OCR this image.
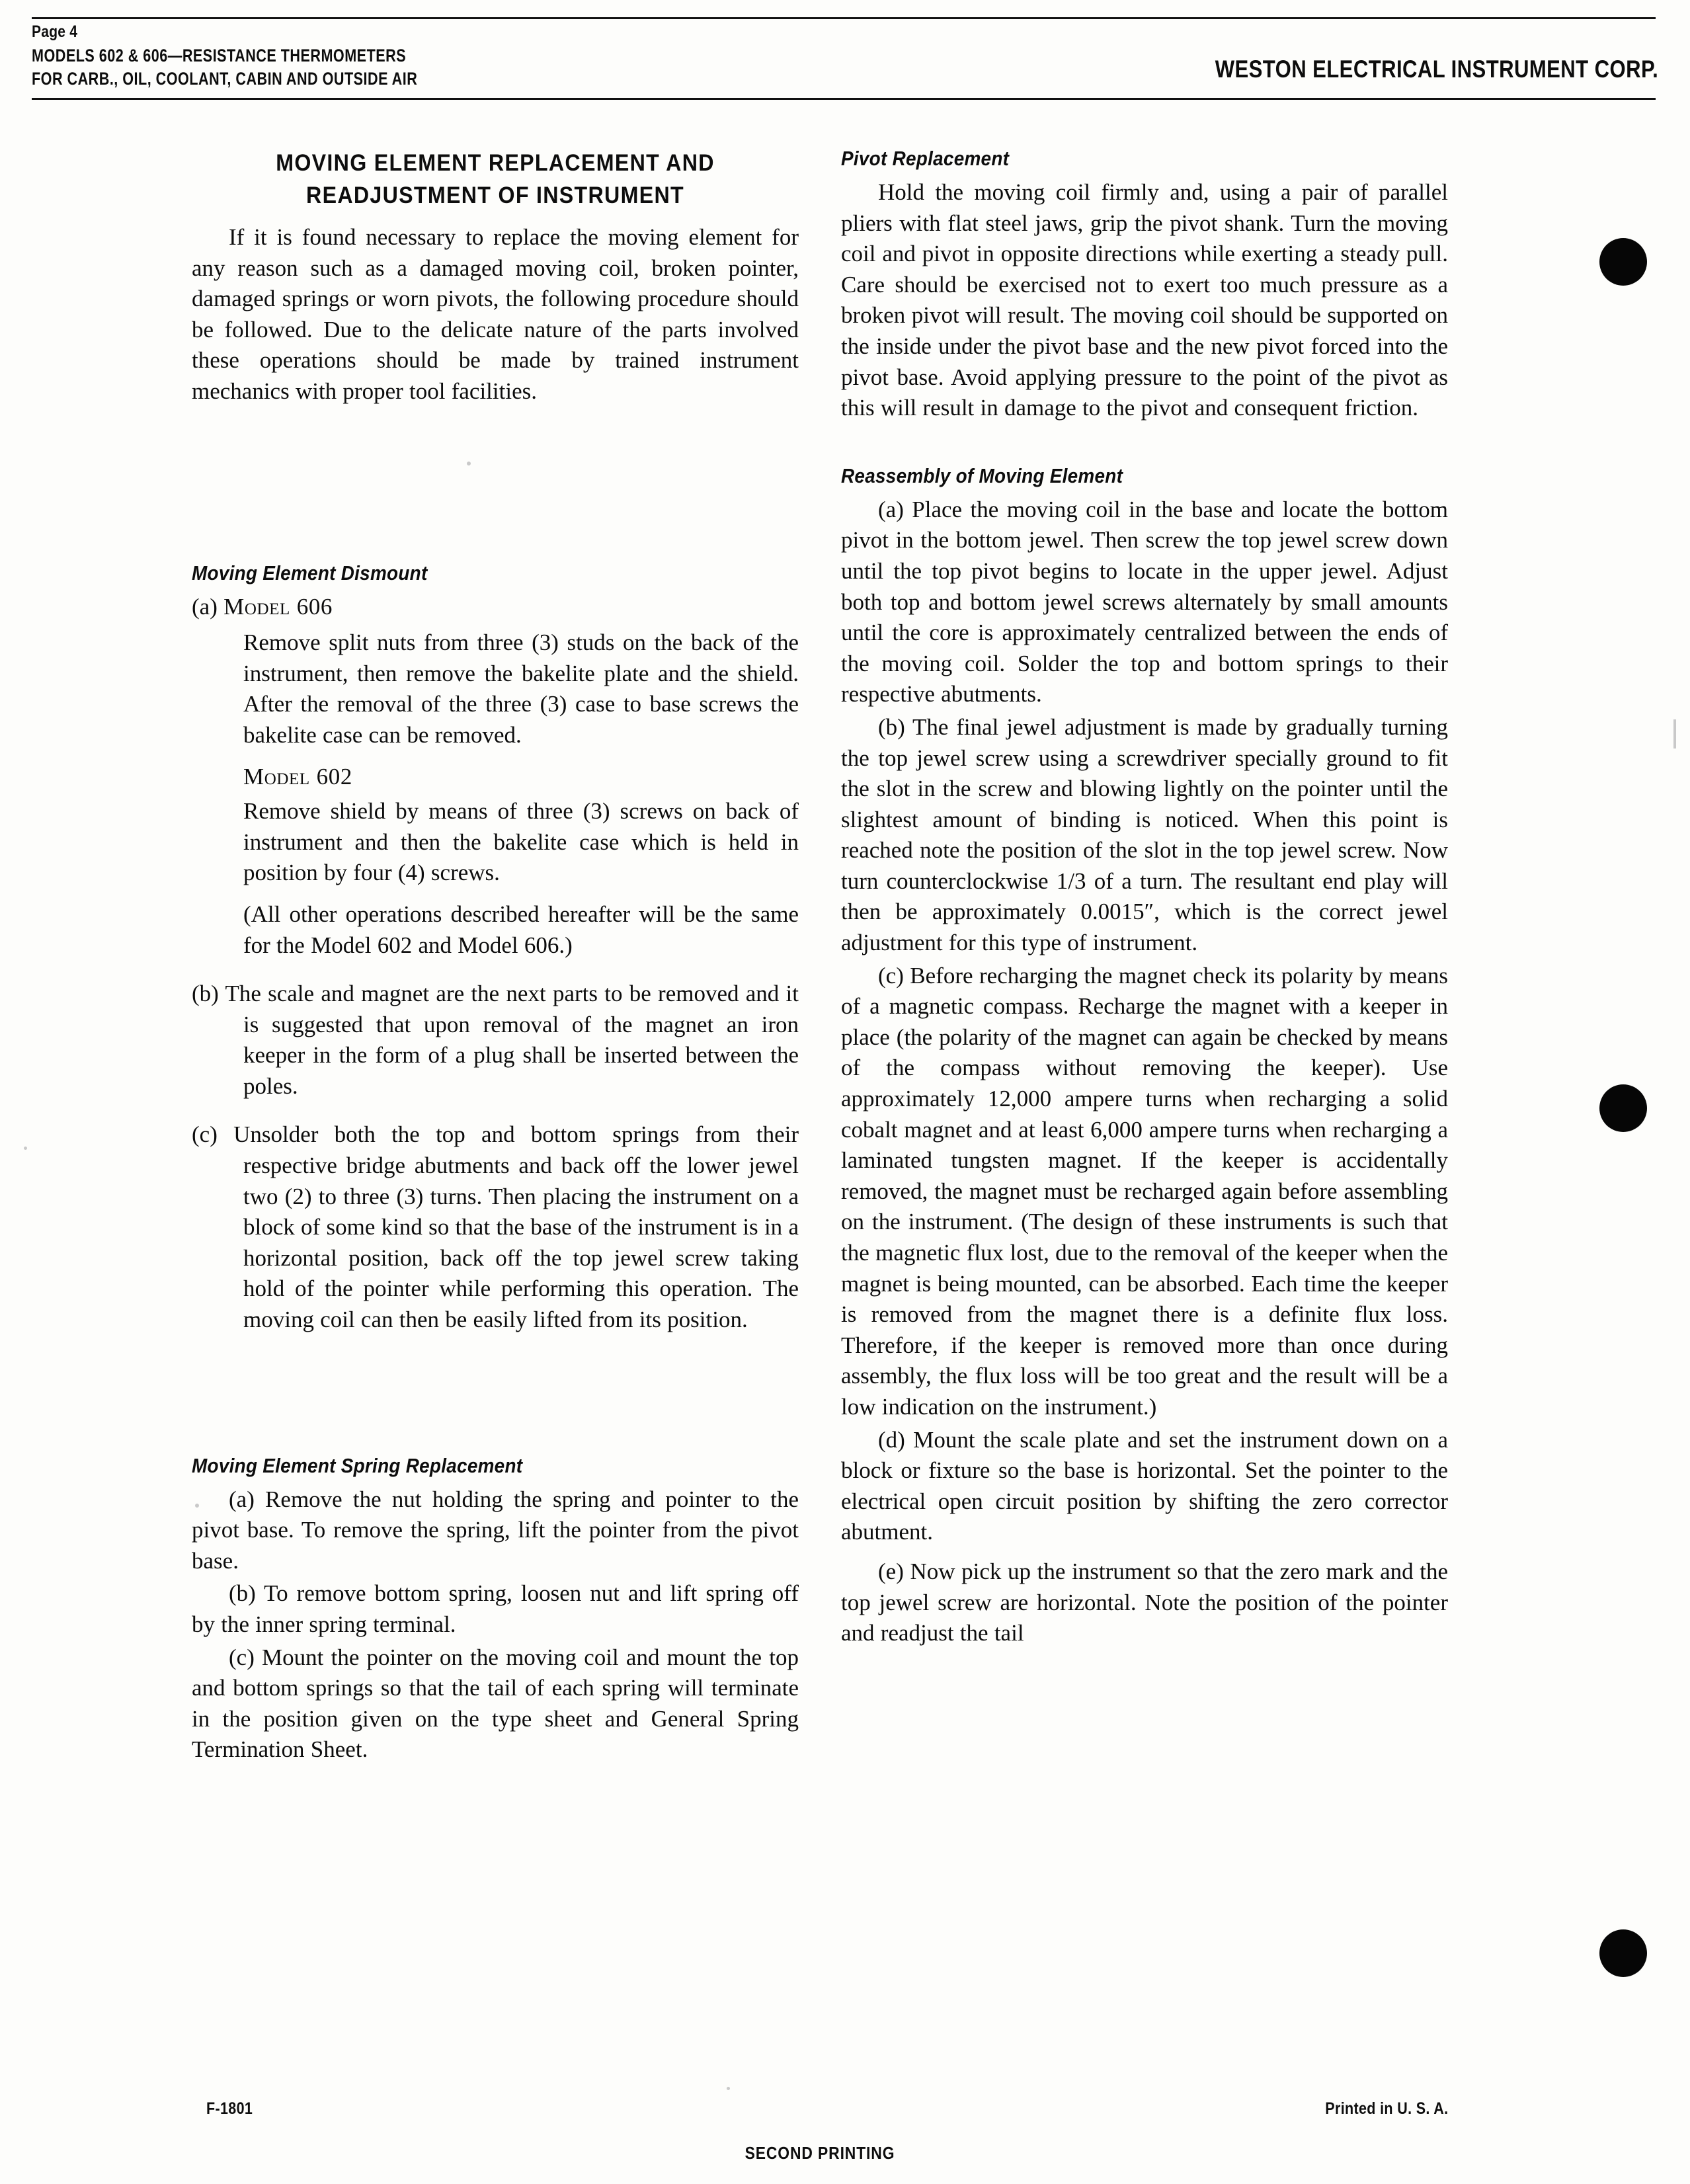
Page 4
MODELS 602 & 606—RESISTANCE THERMOMETERS
FOR CARB., OIL, COOLANT, CABIN AND OUTSIDE AIR	WESTON ELECTRICAL INSTRUMENT CORP.
MOVING ELEMENT REPLACEMENT AND READJUSTMENT OF INSTRUMENT

If it is found necessary to replace the moving element for any reason such as a damaged moving coil, broken pointer, damaged springs or worn pivots, the following procedure should be followed. Due to the delicate nature of the parts involved these operations should be made by trained instrument mechanics with proper tool facilities.

Moving Element Dismount

(a) Model 606

Remove split nuts from three (3) studs on the back of the instrument, then remove the bakelite plate and the shield. After the removal of the three (3) case to base screws the bakelite case can be removed.

Model 602

Remove shield by means of three (3) screws on back of instrument and then the bakelite case which is held in position by four (4) screws.

(All other operations described hereafter will be the same for the Model 602 and Model 606.)

(b) The scale and magnet are the next parts to be removed and it is suggested that upon removal of the magnet an iron keeper in the form of a plug shall be inserted between the poles.

(c) Unsolder both the top and bottom springs from their respective bridge abutments and back off the lower jewel two (2) to three (3) turns. Then placing the instrument on a block of some kind so that the base of the instrument is in a horizontal position, back off the top jewel screw taking hold of the pointer while performing this operation. The moving coil can then be easily lifted from its position.

Moving Element Spring Replacement

(a) Remove the nut holding the spring and pointer to the pivot base. To remove the spring, lift the pointer from the pivot base.

(b) To remove bottom spring, loosen nut and lift spring off by the inner spring terminal.

(c) Mount the pointer on the moving coil and mount the top and bottom springs so that the tail of each spring will terminate in the position given on the type sheet and General Spring Termination Sheet.

Pivot Replacement

Hold the moving coil firmly and, using a pair of parallel pliers with flat steel jaws, grip the pivot shank. Turn the moving coil and pivot in opposite directions while exerting a steady pull. Care should be exercised not to exert too much pressure as a broken pivot will result. The moving coil should be supported on the inside under the pivot base and the new pivot forced into the pivot base. Avoid applying pressure to the point of the pivot as this will result in damage to the pivot and consequent friction.

Reassembly of Moving Element

(a) Place the moving coil in the base and locate the bottom pivot in the bottom jewel. Then screw the top jewel screw down until the top pivot begins to locate in the upper jewel. Adjust both top and bottom jewel screws alternately by small amounts until the core is approximately centralized between the ends of the moving coil. Solder the top and bottom springs to their respective abutments.

(b) The final jewel adjustment is made by gradually turning the top jewel screw using a screwdriver specially ground to fit the slot in the screw and blowing lightly on the pointer until the slightest amount of binding is noticed. When this point is reached note the position of the slot in the top jewel screw. Now turn counterclockwise 1/3 of a turn. The resultant end play will then be approximately 0.0015″, which is the correct jewel adjustment for this type of instrument.

(c) Before recharging the magnet check its polarity by means of a magnetic compass. Recharge the magnet with a keeper in place (the polarity of the magnet can again be checked by means of the compass without removing the keeper). Use approximately 12,000 ampere turns when recharging a solid cobalt magnet and at least 6,000 ampere turns when recharging a laminated tungsten magnet. If the keeper is accidentally removed, the magnet must be recharged again before assembling on the instrument. (The design of these instruments is such that the magnetic flux lost, due to the removal of the keeper when the magnet is being mounted, can be absorbed. Each time the keeper is removed from the magnet there is a definite flux loss. Therefore, if the keeper is removed more than once during assembly, the flux loss will be too great and the result will be a low indication on the instrument.)

(d) Mount the scale plate and set the instrument down on a block or fixture so the base is horizontal. Set the pointer to the electrical open circuit position by shifting the zero corrector abutment.

(e) Now pick up the instrument so that the zero mark and the top jewel screw are horizontal. Note the position of the pointer and readjust the tail

F-1801	Printed in U. S. A.
SECOND PRINTING
